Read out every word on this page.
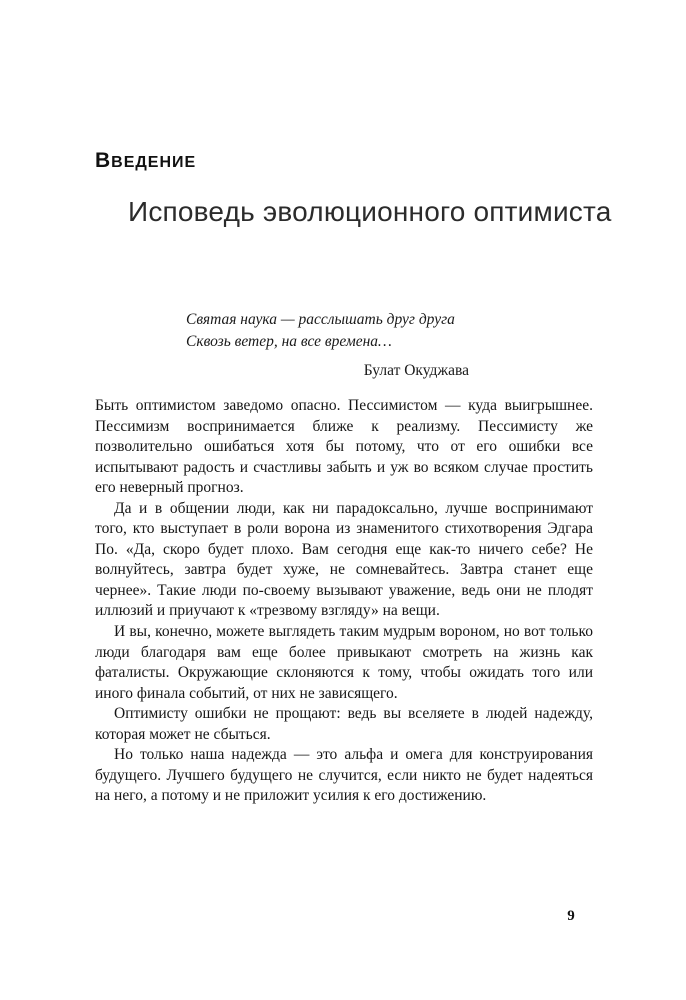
ВВЕДЕНИЕ
Исповедь эволюционного оптимиста
Святая наука — расслышать друг друга
Сквозь ветер, на все времена…
Булат Окуджава

Быть оптимистом заведомо опасно. Пессимистом — куда выигрышнее. Пессимизм воспринимается ближе к реализму. Пессимисту же позволительно ошибаться хотя бы потому, что от его ошибки все испытывают радость и счастливы забыть и уж во всяком случае простить его неверный прогноз.

Да и в общении люди, как ни парадоксально, лучше воспринимают того, кто выступает в роли ворона из знаменитого стихотворения Эдгара По. «Да, скоро будет плохо. Вам сегодня еще как-то ничего себе? Не волнуйтесь, завтра будет хуже, не сомневайтесь. Завтра станет еще чернее». Такие люди по-своему вызывают уважение, ведь они не плодят иллюзий и приучают к «трезвому взгляду» на вещи.

И вы, конечно, можете выглядеть таким мудрым вороном, но вот только люди благодаря вам еще более привыкают смотреть на жизнь как фаталисты. Окружающие склоняются к тому, чтобы ожидать того или иного финала событий, от них не зависящего.

Оптимисту ошибки не прощают: ведь вы вселяете в людей надежду, которая может не сбыться.

Но только наша надежда — это альфа и омега для конструирования будущего. Лучшего будущего не случится, если никто не будет надеяться на него, а потому и не приложит усилия к его достижению.

9
